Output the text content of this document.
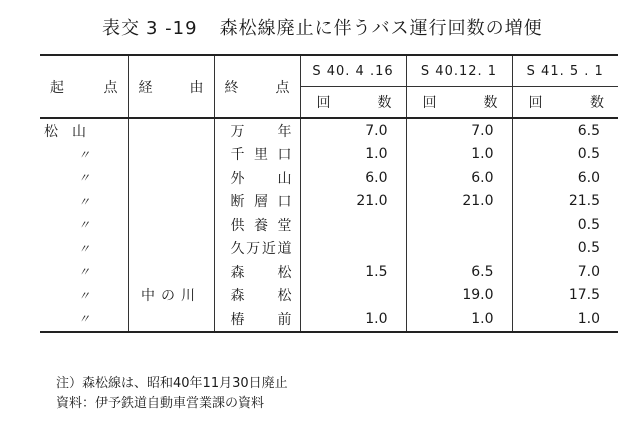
表交 3 -19 森松線廃止に伴うバス運行回数の増便
起 点	経 由	終 点	S 40. 4 .16	S 40.12. 1	S 41. 5 . 1

			回 数	回 数	回 数

松　山		万 年	7.0	7.0	6.5
〃		千 里 口	1.0	1.0	0.5
〃		外 山	6.0	6.0	6.0
〃		断 層 口	21.0	21.0	21.5
〃		供 養 堂			0.5
〃		久 万 近 道			0.5
〃		森 松	1.5	6.5	7.0
〃	中の川	森 松		19.0	17.5
〃		椿 前	1.0	1.0	1.0
注）森松線は、昭和40年11月30日廃止
資料：伊予鉄道自動車営業課の資料
